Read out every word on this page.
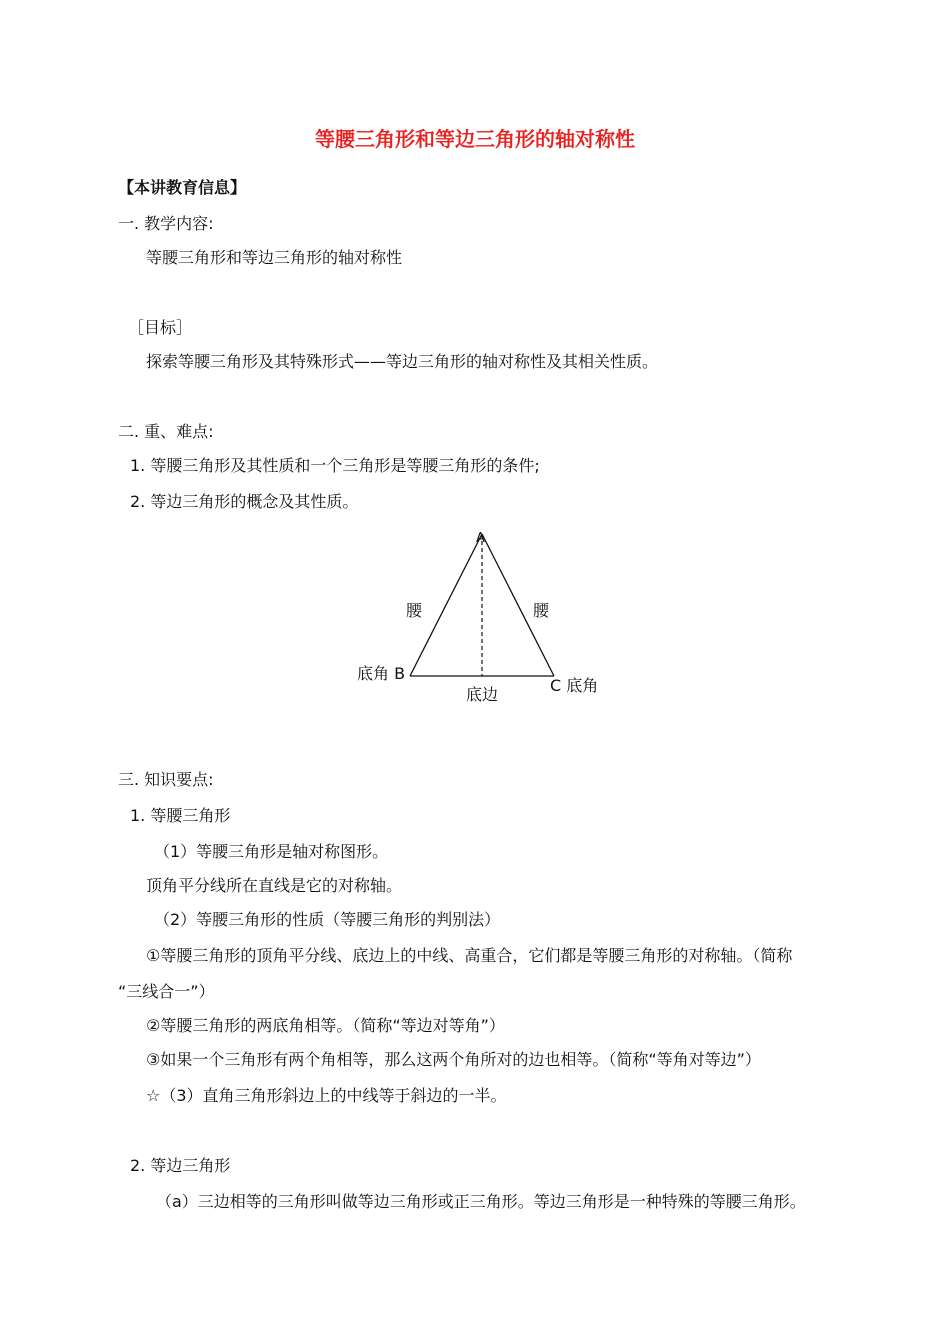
等腰三角形和等边三角形的轴对称性
【本讲教育信息】
一. 教学内容:
等腰三角形和等边三角形的轴对称性
［目标］
探索等腰三角形及其特殊形式——等边三角形的轴对称性及其相关性质。
二. 重、难点:
1. 等腰三角形及其性质和一个三角形是等腰三角形的条件;
2. 等边三角形的概念及其性质。
A
腰	腰
底角 B
C 底角
底边
三. 知识要点:
1. 等腰三角形
（1）等腰三角形是轴对称图形。
顶角平分线所在直线是它的对称轴。
（2）等腰三角形的性质（等腰三角形的判别法）
①等腰三角形的顶角平分线、底边上的中线、高重合，它们都是等腰三角形的对称轴。（简称
“三线合一”）
②等腰三角形的两底角相等。（简称“等边对等角”）
③如果一个三角形有两个角相等，那么这两个角所对的边也相等。（简称“等角对等边”）
☆（3）直角三角形斜边上的中线等于斜边的一半。
2. 等边三角形
（a）三边相等的三角形叫做等边三角形或正三角形。等边三角形是一种特殊的等腰三角形。
